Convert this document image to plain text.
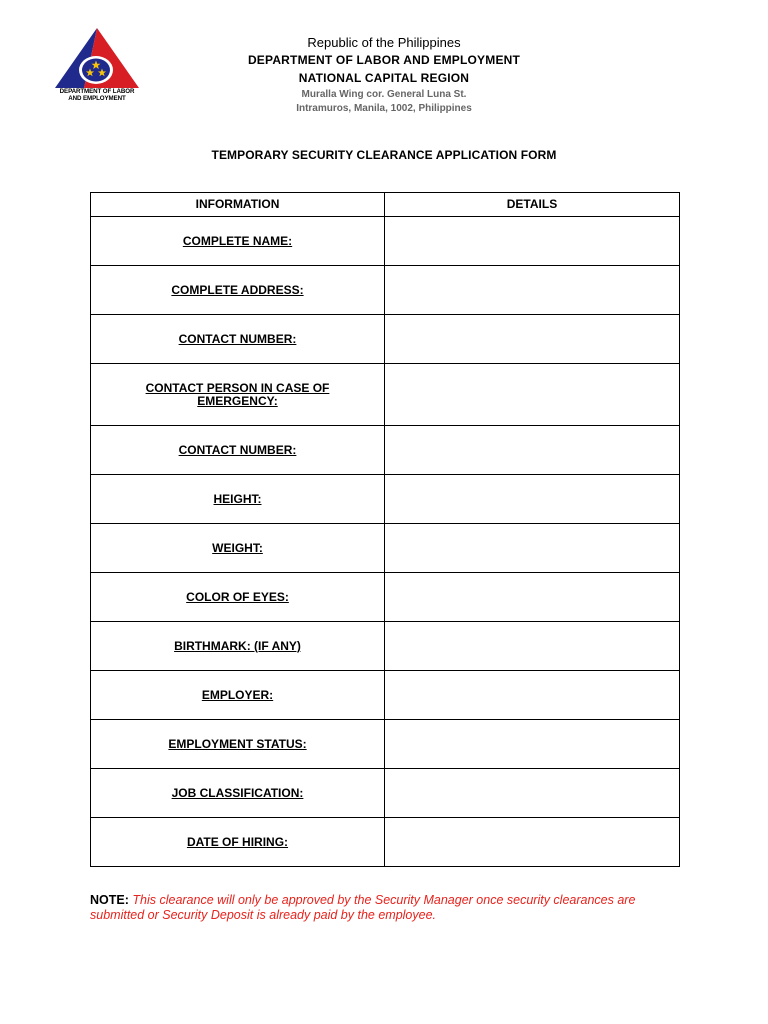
DEPARTMENT OF LABOR
AND EMPLOYMENT
Republic of the Philippines
DEPARTMENT OF LABOR AND EMPLOYMENT
NATIONAL CAPITAL REGION
Muralla Wing cor. General Luna St.
Intramuros, Manila, 1002, Philippines
TEMPORARY SECURITY CLEARANCE APPLICATION FORM
INFORMATION	DETAILS
COMPLETE NAME:	
COMPLETE ADDRESS:	
CONTACT NUMBER:	
CONTACT PERSON IN CASE OF EMERGENCY:	
CONTACT NUMBER:	
HEIGHT:	
WEIGHT:	
COLOR OF EYES:	
BIRTHMARK: (IF ANY)	
EMPLOYER:	
EMPLOYMENT STATUS:	
JOB CLASSIFICATION:	
DATE OF HIRING:	
NOTE: This clearance will only be approved by the Security Manager once security clearances are submitted or Security Deposit is already paid by the employee.
